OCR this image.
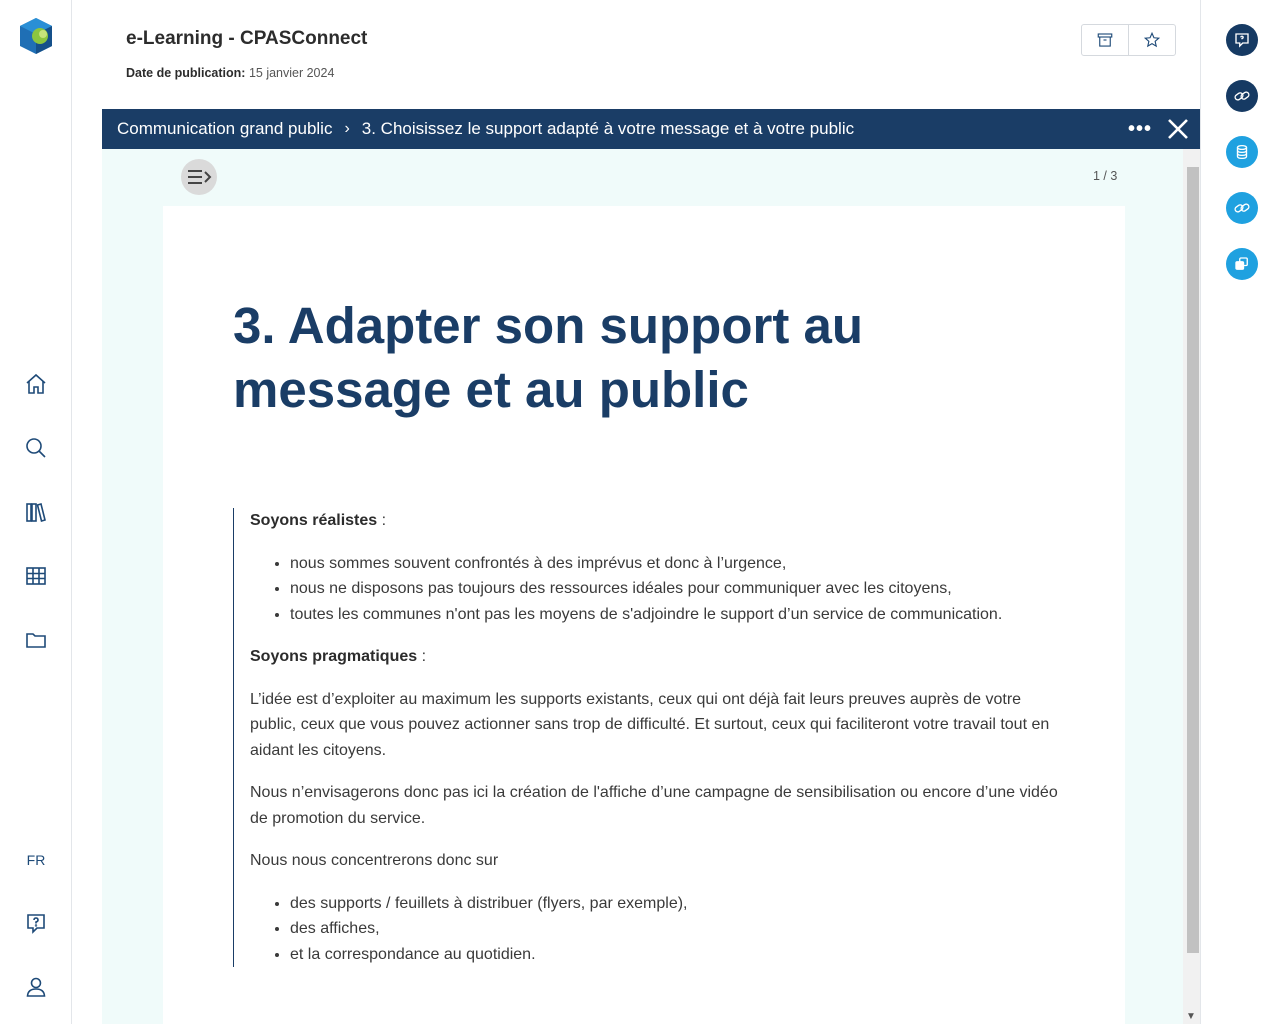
FR
e-Learning - CPASConnect
Date de publication: 15 janvier 2024
Communication grand public › 3. Choisissez le support adapté à votre message et à votre public	•••
1 / 3
3. Adapter son support au message et au public

Soyons réalistes :

• nous sommes souvent confrontés à des imprévus et donc à l’urgence,
• nous ne disposons pas toujours des ressources idéales pour communiquer avec les citoyens,
• toutes les communes n'ont pas les moyens de s'adjoindre le support d’un service de communication.

Soyons pragmatiques :

L’idée est d’exploiter au maximum les supports existants, ceux qui ont déjà fait leurs preuves auprès de votre public, ceux que vous pouvez actionner sans trop de difficulté. Et surtout, ceux qui faciliteront votre travail tout en aidant les citoyens.

Nous n’envisagerons donc pas ici la création de l'affiche d’une campagne de sensibilisation ou encore d’une vidéo de promotion du service.

Nous nous concentrerons donc sur

• des supports / feuillets à distribuer (flyers, par exemple),
• des affiches,
• et la correspondance au quotidien.
▼
